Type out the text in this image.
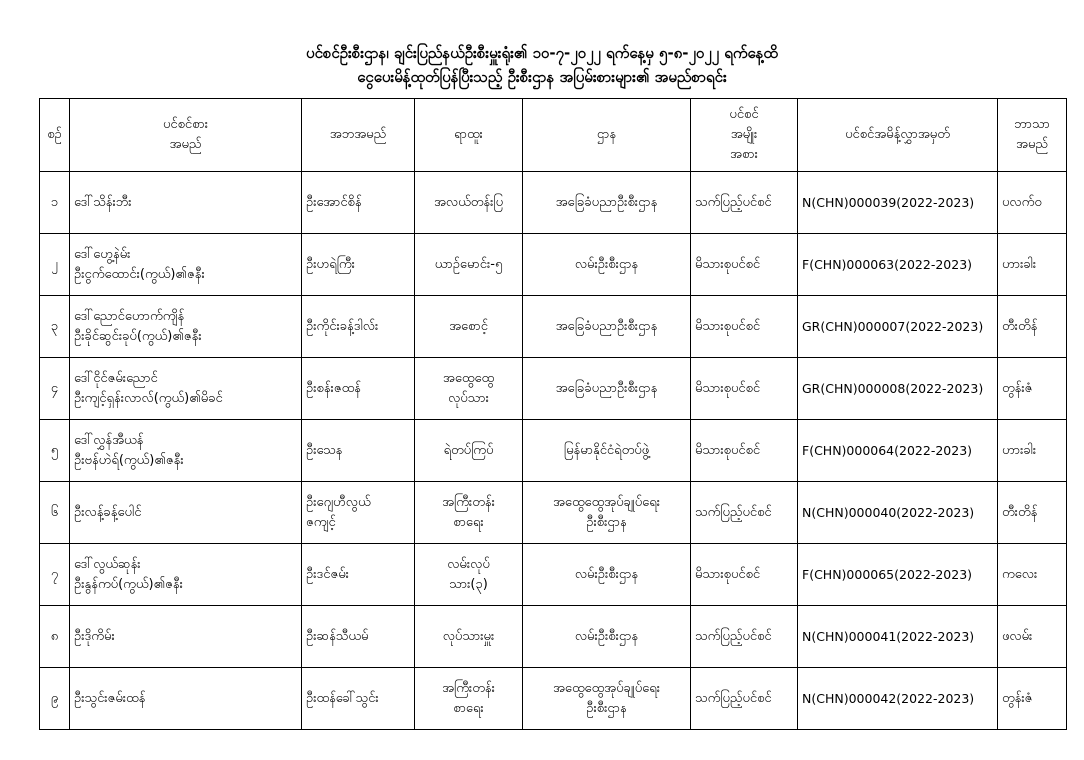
ပင်စင်ဦးစီးဌာန၊ ချင်းပြည်နယ်ဦးစီးမှူးရုံး၏ ၁၀-၇-၂၀၂၂ ရက်နေ့မှ ၅-၈-၂၀၂၂ ရက်နေ့ထိ
ငွေပေးမိန့်ထုတ်ပြန်ပြီးသည့် ဦးစီးဌာန အပြမ်းစားများ၏ အမည်စာရင်း
စဉ်	ပင်စင်စား
အမည်	အဘအမည်	ရာထူး	ဌာန	ပင်စင်
အမျိုး
အစား	ပင်စင်အမိန့်လွှာအမှတ်	ဘာသာ
အမည်

၁	ဒေါ်သိန်းဘီး	ဦးအောင်စိန်	အလယ်တန်းပြ	အခြေခံပညာဦးစီးဌာန	သက်ပြည့်ပင်စင်	N(CHN)000039(2022-2023)	ပလက်ဝ
၂	ဒေါ်ဟွေ့နဲမ်း
ဦးငွက်ထောင်း(ကွယ်)၏ဇနီး	ဦးဟရဲကြီး	ယာဉ်မောင်း-၅	လမ်းဦးစီးဌာန	မိသားစုပင်စင်	F(CHN)000063(2022-2023)	ဟားခါး
၃	ဒေါ်ညောင်ဟောက်ကျိန်
ဦးခိုင်ဆွင်းခုပ်(ကွယ်)၏ဇနီး	ဦးကိုင်းခန့်ဒါလ်း	အစောင့်	အခြေခံပညာဦးစီးဌာန	မိသားစုပင်စင်	GR(CHN)000007(2022-2023)	တီးတိန်
၄	ဒေါ်ငိုင်ဇမ်းညောင်
ဦးကျင့်ရှန်းလာလ်(ကွယ်)၏မိခင်	ဦးစန်းဇထန်	အထွေထွေ
လုပ်သား	အခြေခံပညာဦးစီးဌာန	မိသားစုပင်စင်	GR(CHN)000008(2022-2023)	တွန်းဇံ
၅	ဒေါ်လွှန်အီယန်
ဦးဗန်ဟဲရ်(ကွယ်)၏ဇနီး	ဦးသေန	ရဲတပ်ကြပ်	မြန်မာနိုင်ငံရဲတပ်ဖွဲ့	မိသားစုပင်စင်	F(CHN)000064(2022-2023)	ဟားခါး
၆	ဦးလန့်ခန့်ပေါင်	ဦးဂျေဟီလွယ်
ဇကျင့်	အကြီးတန်း
စာရေး	အထွေထွေအုပ်ချုပ်ရေး
ဦးစီးဌာန	သက်ပြည့်ပင်စင်	N(CHN)000040(2022-2023)	တီးတိန်
၇	ဒေါ်လွယ်ဆုန်း
ဦးနွန်ကပ်(ကွယ်)၏ဇနီး	ဦးဒင်ဇမ်း	လမ်းလုပ်
သား(၃)	လမ်းဦးစီးဌာန	မိသားစုပင်စင်	F(CHN)000065(2022-2023)	ကလေး
၈	ဦးဒိုကိမ်း	ဦးဆန်သီယမ်	လုပ်သားမှူး	လမ်းဦးစီးဌာန	သက်ပြည့်ပင်စင်	N(CHN)000041(2022-2023)	ဖလမ်း
၉	ဦးသွင်းဇမ်းထန်	ဦးထန်ခေါ်သွင်း	အကြီးတန်း
စာရေး	အထွေထွေအုပ်ချုပ်ရေး
ဦးစီးဌာန	သက်ပြည့်ပင်စင်	N(CHN)000042(2022-2023)	တွန်းဇံ
